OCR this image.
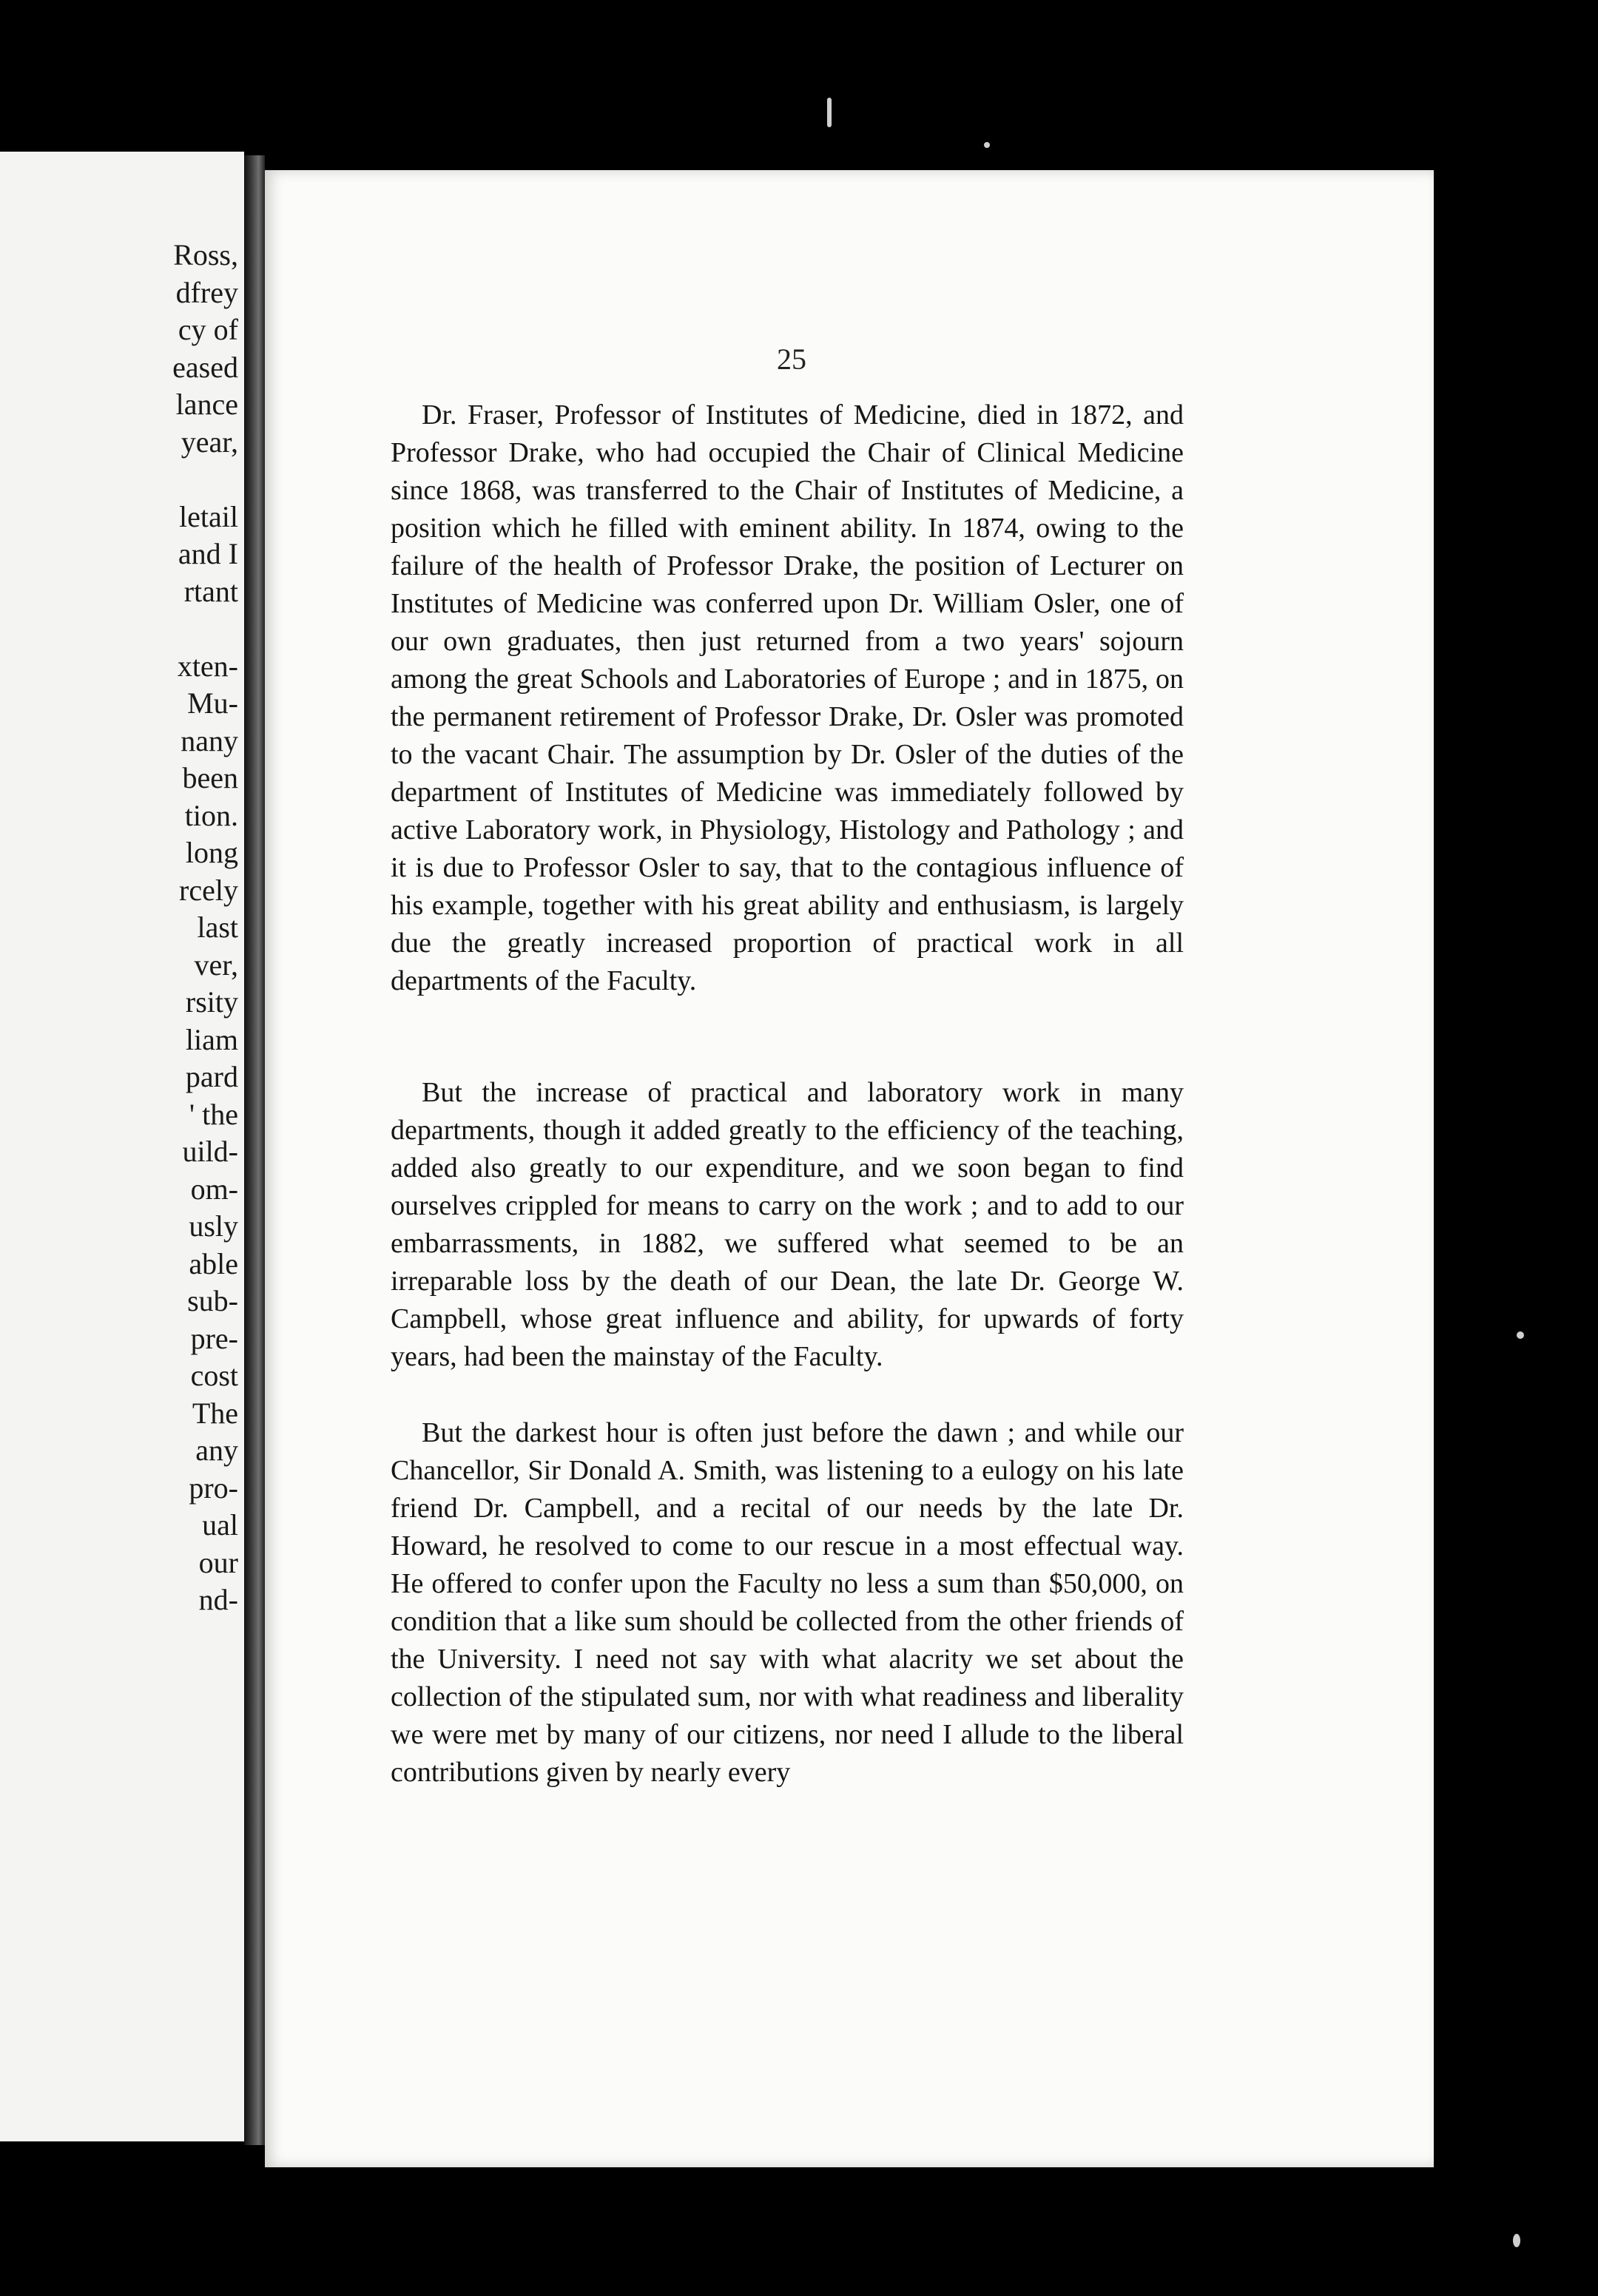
Ross,

dfrey

cy of

eased

lance

year,

letail

and I

rtant

xten-

Mu-

nany

been

tion.

long

rcely

last

ver,

rsity

liam

pard

' the

uild-

om-

usly

able

sub-

pre-

cost

The

any

pro-

ual

our

nd-

25

Dr. Fraser, Professor of Institutes of Medicine, died in 1872, and Professor Drake, who had occupied the Chair of Clinical Medicine since 1868, was transferred to the Chair of Institutes of Medicine, a position which he filled with eminent ability. In 1874, owing to the failure of the health of Professor Drake, the position of Lecturer on Institutes of Medicine was conferred upon Dr. William Osler, one of our own graduates, then just returned from a two years' sojourn among the great Schools and Laboratories of Europe ; and in 1875, on the permanent retirement of Professor Drake, Dr. Osler was promoted to the vacant Chair. The assumption by Dr. Osler of the duties of the department of Institutes of Medicine was immediately followed by active Laboratory work, in Physiology, Histology and Pathology ; and it is due to Professor Osler to say, that to the contagious influence of his example, together with his great ability and enthusiasm, is largely due the greatly increased proportion of practical work in all departments of the Faculty.

But the increase of practical and laboratory work in many departments, though it added greatly to the efficiency of the teaching, added also greatly to our expenditure, and we soon began to find ourselves crippled for means to carry on the work ; and to add to our embarrassments, in 1882, we suffered what seemed to be an irreparable loss by the death of our Dean, the late Dr. George W. Campbell, whose great influence and ability, for upwards of forty years, had been the mainstay of the Faculty.

But the darkest hour is often just before the dawn ; and while our Chancellor, Sir Donald A. Smith, was listening to a eulogy on his late friend Dr. Campbell, and a recital of our needs by the late Dr. Howard, he resolved to come to our rescue in a most effectual way. He offered to confer upon the Faculty no less a sum than $50,000, on condition that a like sum should be collected from the other friends of the University. I need not say with what alacrity we set about the collection of the stipulated sum, nor with what readiness and liberality we were met by many of our citizens, nor need I allude to the liberal contributions given by nearly every
